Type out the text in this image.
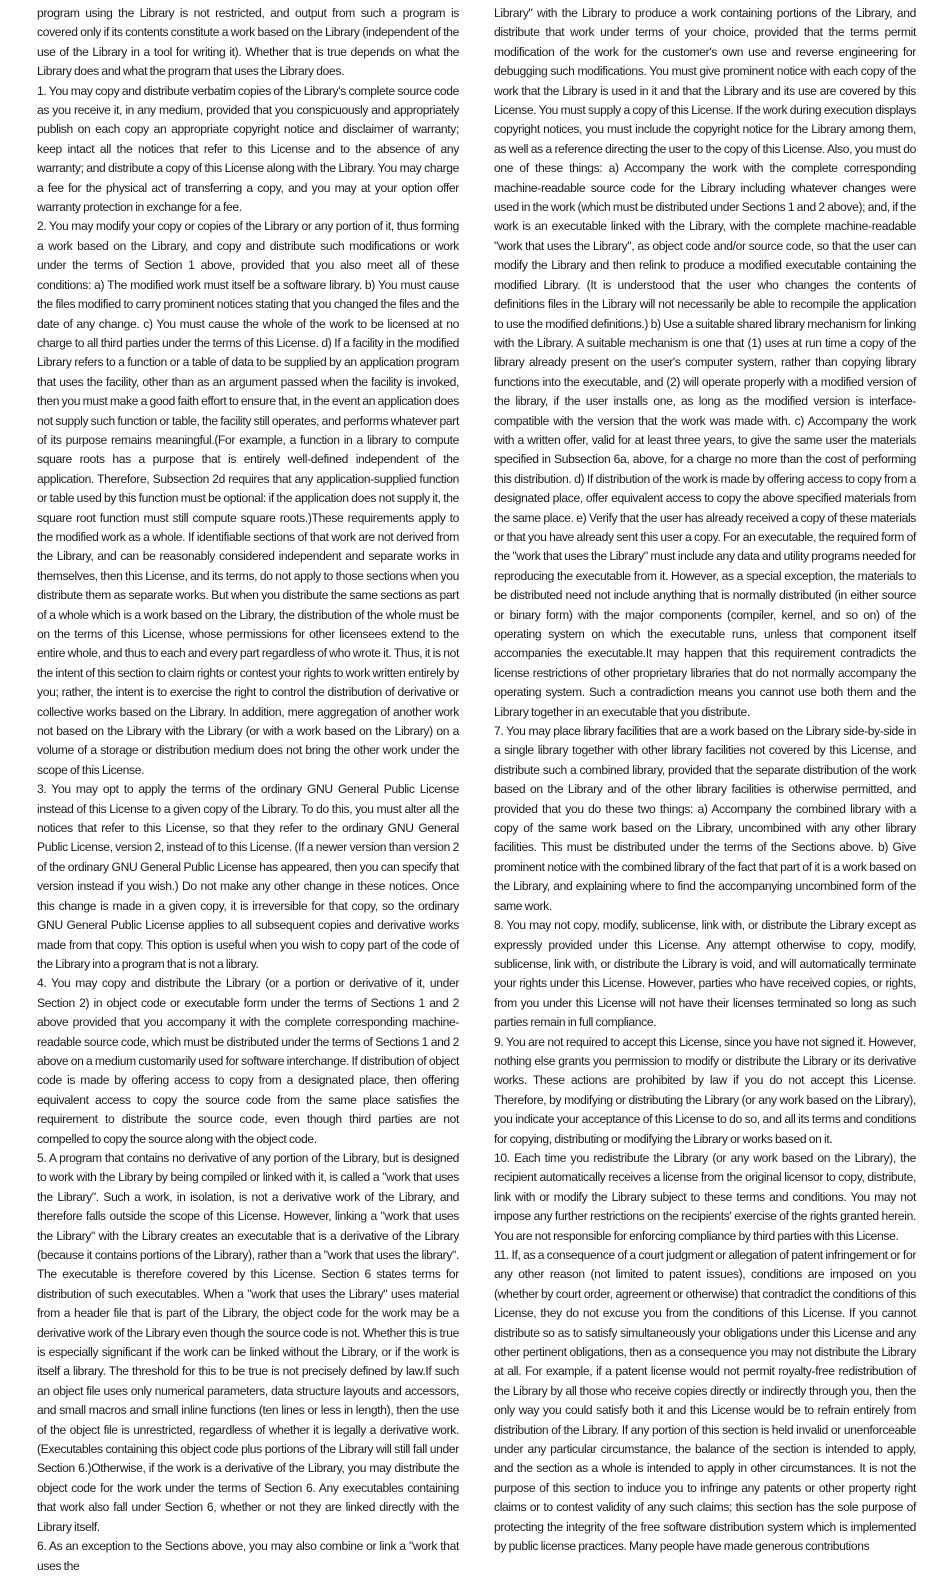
program using the Library is not restricted, and output from such a program is covered only if its contents constitute a work based on the Library (independent of the use of the Library in a tool for writing it). Whether that is true depends on what the Library does and what the program that uses the Library does.

1. You may copy and distribute verbatim copies of the Library's complete source code as you receive it, in any medium, provided that you conspicuously and appropriately publish on each copy an appropriate copyright notice and disclaimer of warranty; keep intact all the notices that refer to this License and to the absence of any warranty; and distribute a copy of this License along with the Library. You may charge a fee for the physical act of transferring a copy, and you may at your option offer warranty protection in exchange for a fee.

2. You may modify your copy or copies of the Library or any portion of it, thus forming a work based on the Library, and copy and distribute such modifications or work under the terms of Section 1 above, provided that you also meet all of these conditions: a) The modified work must itself be a software library. b) You must cause the files modified to carry prominent notices stating that you changed the files and the date of any change. c) You must cause the whole of the work to be licensed at no charge to all third parties under the terms of this License. d) If a facility in the modified Library refers to a function or a table of data to be supplied by an application program that uses the facility, other than as an argument passed when the facility is invoked, then you must make a good faith effort to ensure that, in the event an application does not supply such function or table, the facility still operates, and performs whatever part of its purpose remains meaningful.(For example, a function in a library to compute square roots has a purpose that is entirely well-defined independent of the application. Therefore, Subsection 2d requires that any application-supplied function or table used by this function must be optional: if the application does not supply it, the square root function must still compute square roots.)These requirements apply to the modified work as a whole. If identifiable sections of that work are not derived from the Library, and can be reasonably considered independent and separate works in themselves, then this License, and its terms, do not apply to those sections when you distribute them as separate works. But when you distribute the same sections as part of a whole which is a work based on the Library, the distribution of the whole must be on the terms of this License, whose permissions for other licensees extend to the entire whole, and thus to each and every part regardless of who wrote it. Thus, it is not the intent of this section to claim rights or contest your rights to work written entirely by you; rather, the intent is to exercise the right to control the distribution of derivative or collective works based on the Library. In addition, mere aggregation of another work not based on the Library with the Library (or with a work based on the Library) on a volume of a storage or distribution medium does not bring the other work under the scope of this License.

3. You may opt to apply the terms of the ordinary GNU General Public License instead of this License to a given copy of the Library. To do this, you must alter all the notices that refer to this License, so that they refer to the ordinary GNU General Public License, version 2, instead of to this License. (If a newer version than version 2 of the ordinary GNU General Public License has appeared, then you can specify that version instead if you wish.) Do not make any other change in these notices. Once this change is made in a given copy, it is irreversible for that copy, so the ordinary GNU General Public License applies to all subsequent copies and derivative works made from that copy. This option is useful when you wish to copy part of the code of the Library into a program that is not a library.

4. You may copy and distribute the Library (or a portion or derivative of it, under Section 2) in object code or executable form under the terms of Sections 1 and 2 above provided that you accompany it with the complete corresponding machine-readable source code, which must be distributed under the terms of Sections 1 and 2 above on a medium customarily used for software interchange. If distribution of object code is made by offering access to copy from a designated place, then offering equivalent access to copy the source code from the same place satisfies the requirement to distribute the source code, even though third parties are not compelled to copy the source along with the object code.

5. A program that contains no derivative of any portion of the Library, but is designed to work with the Library by being compiled or linked with it, is called a "work that uses the Library". Such a work, in isolation, is not a derivative work of the Library, and therefore falls outside the scope of this License. However, linking a "work that uses the Library" with the Library creates an executable that is a derivative of the Library (because it contains portions of the Library), rather than a "work that uses the library". The executable is therefore covered by this License. Section 6 states terms for distribution of such executables. When a "work that uses the Library" uses material from a header file that is part of the Library, the object code for the work may be a derivative work of the Library even though the source code is not. Whether this is true is especially significant if the work can be linked without the Library, or if the work is itself a library. The threshold for this to be true is not precisely defined by law.If such an object file uses only numerical parameters, data structure layouts and accessors, and small macros and small inline functions (ten lines or less in length), then the use of the object file is unrestricted, regardless of whether it is legally a derivative work. (Executables containing this object code plus portions of the Library will still fall under Section 6.)Otherwise, if the work is a derivative of the Library, you may distribute the object code for the work under the terms of Section 6. Any executables containing that work also fall under Section 6, whether or not they are linked directly with the Library itself.

6. As an exception to the Sections above, you may also combine or link a "work that uses the

Library" with the Library to produce a work containing portions of the Library, and distribute that work under terms of your choice, provided that the terms permit modification of the work for the customer's own use and reverse engineering for debugging such modifications. You must give prominent notice with each copy of the work that the Library is used in it and that the Library and its use are covered by this License. You must supply a copy of this License. If the work during execution displays copyright notices, you must include the copyright notice for the Library among them, as well as a reference directing the user to the copy of this License. Also, you must do one of these things: a) Accompany the work with the complete corresponding machine-readable source code for the Library including whatever changes were used in the work (which must be distributed under Sections 1 and 2 above); and, if the work is an executable linked with the Library, with the complete machine-readable "work that uses the Library", as object code and/or source code, so that the user can modify the Library and then relink to produce a modified executable containing the modified Library. (It is understood that the user who changes the contents of definitions files in the Library will not necessarily be able to recompile the application to use the modified definitions.) b) Use a suitable shared library mechanism for linking with the Library. A suitable mechanism is one that (1) uses at run time a copy of the library already present on the user's computer system, rather than copying library functions into the executable, and (2) will operate properly with a modified version of the library, if the user installs one, as long as the modified version is interface-compatible with the version that the work was made with. c) Accompany the work with a written offer, valid for at least three years, to give the same user the materials specified in Subsection 6a, above, for a charge no more than the cost of performing this distribution. d) If distribution of the work is made by offering access to copy from a designated place, offer equivalent access to copy the above specified materials from the same place. e) Verify that the user has already received a copy of these materials or that you have already sent this user a copy. For an executable, the required form of the "work that uses the Library" must include any data and utility programs needed for reproducing the executable from it. However, as a special exception, the materials to be distributed need not include anything that is normally distributed (in either source or binary form) with the major components (compiler, kernel, and so on) of the operating system on which the executable runs, unless that component itself accompanies the executable.It may happen that this requirement contradicts the license restrictions of other proprietary libraries that do not normally accompany the operating system. Such a contradiction means you cannot use both them and the Library together in an executable that you distribute.

7. You may place library facilities that are a work based on the Library side-by-side in a single library together with other library facilities not covered by this License, and distribute such a combined library, provided that the separate distribution of the work based on the Library and of the other library facilities is otherwise permitted, and provided that you do these two things: a) Accompany the combined library with a copy of the same work based on the Library, uncombined with any other library facilities. This must be distributed under the terms of the Sections above. b) Give prominent notice with the combined library of the fact that part of it is a work based on the Library, and explaining where to find the accompanying uncombined form of the same work.

8. You may not copy, modify, sublicense, link with, or distribute the Library except as expressly provided under this License. Any attempt otherwise to copy, modify, sublicense, link with, or distribute the Library is void, and will automatically terminate your rights under this License. However, parties who have received copies, or rights, from you under this License will not have their licenses terminated so long as such parties remain in full compliance.

9. You are not required to accept this License, since you have not signed it. However, nothing else grants you permission to modify or distribute the Library or its derivative works. These actions are prohibited by law if you do not accept this License. Therefore, by modifying or distributing the Library (or any work based on the Library), you indicate your acceptance of this License to do so, and all its terms and conditions for copying, distributing or modifying the Library or works based on it.

10. Each time you redistribute the Library (or any work based on the Library), the recipient automatically receives a license from the original licensor to copy, distribute, link with or modify the Library subject to these terms and conditions. You may not impose any further restrictions on the recipients' exercise of the rights granted herein. You are not responsible for enforcing compliance by third parties with this License.

11. If, as a consequence of a court judgment or allegation of patent infringement or for any other reason (not limited to patent issues), conditions are imposed on you (whether by court order, agreement or otherwise) that contradict the conditions of this License, they do not excuse you from the conditions of this License. If you cannot distribute so as to satisfy simultaneously your obligations under this License and any other pertinent obligations, then as a consequence you may not distribute the Library at all. For example, if a patent license would not permit royalty-free redistribution of the Library by all those who receive copies directly or indirectly through you, then the only way you could satisfy both it and this License would be to refrain entirely from distribution of the Library. If any portion of this section is held invalid or unenforceable under any particular circumstance, the balance of the section is intended to apply, and the section as a whole is intended to apply in other circumstances. It is not the purpose of this section to induce you to infringe any patents or other property right claims or to contest validity of any such claims; this section has the sole purpose of protecting the integrity of the free software distribution system which is implemented by public license practices. Many people have made generous contributions
